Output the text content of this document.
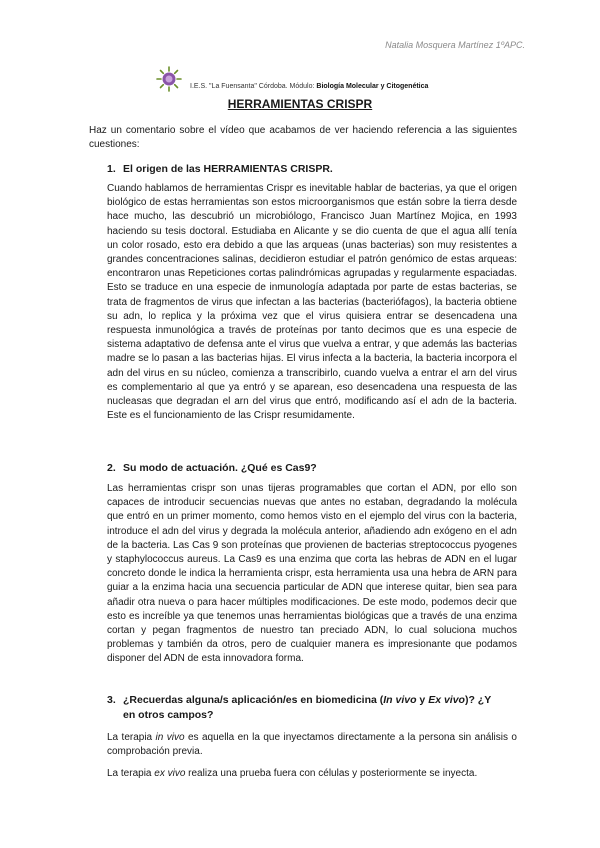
Natalia Mosquera Martínez 1ºAPC.
I.E.S. "La Fuensanta" Córdoba. Módulo: Biología Molecular y Citogenética
HERRAMIENTAS CRISPR

Haz un comentario sobre el vídeo que acabamos de ver haciendo referencia a las siguientes cuestiones:

1. El origen de las HERRAMIENTAS CRISPR.

Cuando hablamos de herramientas Crispr es inevitable hablar de bacterias, ya que el origen biológico de estas herramientas son estos microorganismos que están sobre la tierra desde hace mucho, las descubrió un microbiólogo, Francisco Juan Martínez Mojica, en 1993 haciendo su tesis doctoral. Estudiaba en Alicante y se dio cuenta de que el agua allí tenía un color rosado, esto era debido a que las arqueas (unas bacterias) son muy resistentes a grandes concentraciones salinas, decidieron estudiar el patrón genómico de estas arqueas: encontraron unas Repeticiones cortas palindrómicas agrupadas y regularmente espaciadas. Esto se traduce en una especie de inmunología adaptada por parte de estas bacterias, se trata de fragmentos de virus que infectan a las bacterias (bacteriófagos), la bacteria obtiene su adn, lo replica y la próxima vez que el virus quisiera entrar se desencadena una respuesta inmunológica a través de proteínas por tanto decimos que es una especie de sistema adaptativo de defensa ante el virus que vuelva a entrar, y que además las bacterias madre se lo pasan a las bacterias hijas. El virus infecta a la bacteria, la bacteria incorpora el adn del virus en su núcleo, comienza a transcribirlo, cuando vuelva a entrar el arn del virus es complementario al que ya entró y se aparean, eso desencadena una respuesta de las nucleasas que degradan el arn del virus que entró, modificando así el adn de la bacteria. Este es el funcionamiento de las Crispr resumidamente.

2. Su modo de actuación. ¿Qué es Cas9?

Las herramientas crispr son unas tijeras programables que cortan el ADN, por ello son capaces de introducir secuencias nuevas que antes no estaban, degradando la molécula que entró en un primer momento, como hemos visto en el ejemplo del virus con la bacteria, introduce el adn del virus y degrada la molécula anterior, añadiendo adn exógeno en el adn de la bacteria. Las Cas 9 son proteínas que provienen de bacterias streptococcus pyogenes y staphylococcus aureus. La Cas9 es una enzima que corta las hebras de ADN en el lugar concreto donde le indica la herramienta crispr, esta herramienta usa una hebra de ARN para guiar a la enzima hacia una secuencia particular de ADN que interese quitar, bien sea para añadir otra nueva o para hacer múltiples modificaciones. De este modo, podemos decir que esto es increíble ya que tenemos unas herramientas biológicas que a través de una enzima cortan y pegan fragmentos de nuestro tan preciado ADN, lo cual soluciona muchos problemas y también da otros, pero de cualquier manera es impresionante que podamos disponer del ADN de esta innovadora forma.

3. ¿Recuerdas alguna/s aplicación/es en biomedicina (In vivo y Ex vivo)? ¿Y
en otros campos?

La terapia in vivo es aquella en la que inyectamos directamente a la persona sin análisis o comprobación previa.

La terapia ex vivo realiza una prueba fuera con células y posteriormente se inyecta.
